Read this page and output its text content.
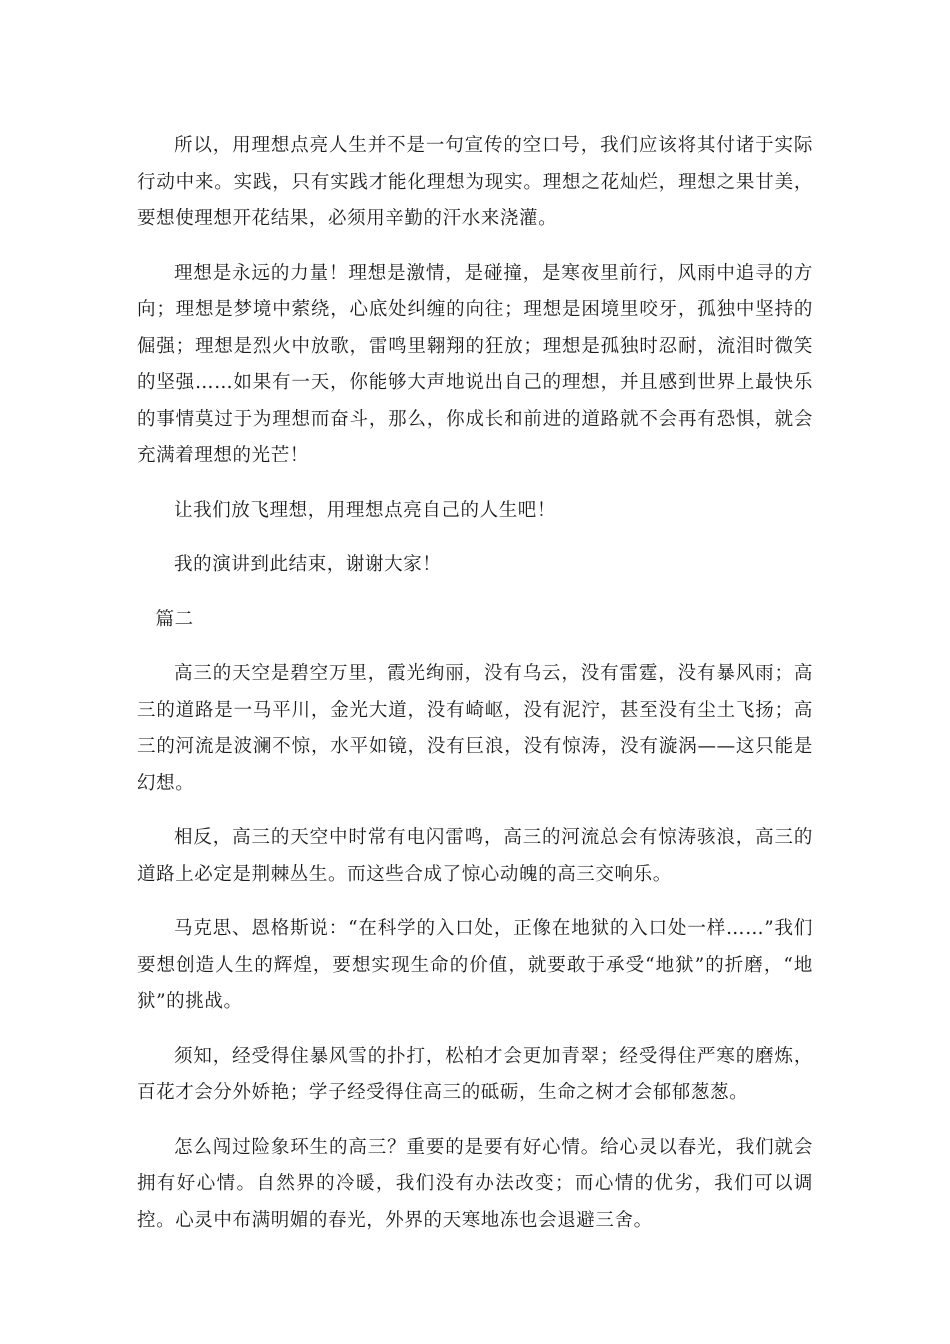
所以，用理想点亮人生并不是一句宣传的空口号，我们应该将其付诸于实际行动中来。实践，只有实践才能化理想为现实。理想之花灿烂，理想之果甘美，要想使理想开花结果，必须用辛勤的汗水来浇灌。

理想是永远的力量！理想是激情，是碰撞，是寒夜里前行，风雨中追寻的方向；理想是梦境中萦绕，心底处纠缠的向往；理想是困境里咬牙，孤独中坚持的倔强；理想是烈火中放歌，雷鸣里翱翔的狂放；理想是孤独时忍耐，流泪时微笑的坚强……如果有一天，你能够大声地说出自己的理想，并且感到世界上最快乐的事情莫过于为理想而奋斗，那么，你成长和前进的道路就不会再有恐惧，就会充满着理想的光芒！

让我们放飞理想，用理想点亮自己的人生吧！

我的演讲到此结束，谢谢大家！

篇二

高三的天空是碧空万里，霞光绚丽，没有乌云，没有雷霆，没有暴风雨；高三的道路是一马平川，金光大道，没有崎岖，没有泥泞，甚至没有尘土飞扬；高三的河流是波澜不惊，水平如镜，没有巨浪，没有惊涛，没有漩涡——这只能是幻想。

相反，高三的天空中时常有电闪雷鸣，高三的河流总会有惊涛骇浪，高三的道路上必定是荆棘丛生。而这些合成了惊心动魄的高三交响乐。

马克思、恩格斯说：“在科学的入口处，正像在地狱的入口处一样……”我们要想创造人生的辉煌，要想实现生命的价值，就要敢于承受“地狱”的折磨，“地狱”的挑战。

须知，经受得住暴风雪的扑打，松柏才会更加青翠；经受得住严寒的磨炼，百花才会分外娇艳；学子经受得住高三的砥砺，生命之树才会郁郁葱葱。

怎么闯过险象环生的高三？重要的是要有好心情。给心灵以春光，我们就会拥有好心情。自然界的冷暖，我们没有办法改变；而心情的优劣，我们可以调控。心灵中布满明媚的春光，外界的天寒地冻也会退避三舍。
